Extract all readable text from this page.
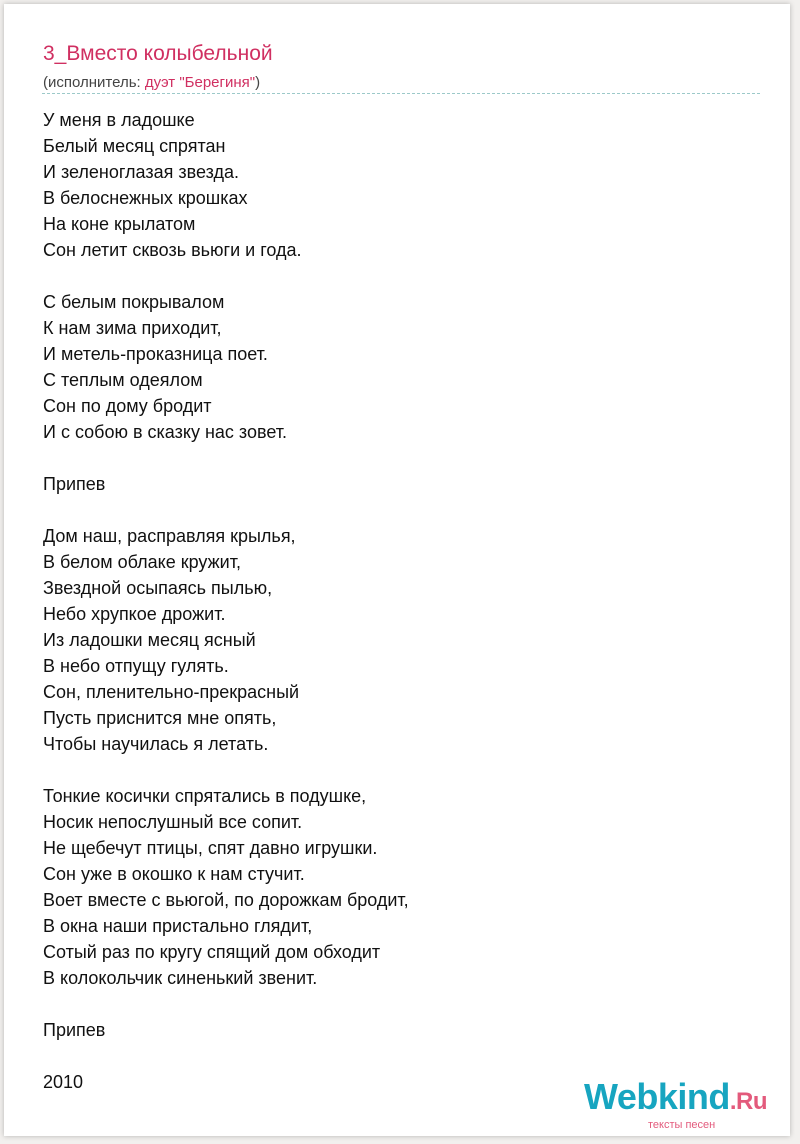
3_Вместо колыбельной
(исполнитель: дуэт "Берегиня")
У меня в ладошке
Белый месяц спрятан
И зеленоглазая звезда.
В белоснежных крошках
На коне крылатом
Сон летит сквозь вьюги и года.
С белым покрывалом
К нам зима приходит,
И метель-проказница поет.
С теплым одеялом
Сон по дому бродит
И с собою в сказку нас зовет.
Припев
Дом наш, расправляя крылья,
В белом облаке кружит,
Звездной осыпаясь пылью,
Небо хрупкое дрожит.
Из ладошки месяц ясный
В небо отпущу гулять.
Сон, пленительно-прекрасный
Пусть приснится мне опять,
Чтобы научилась я летать.
Тонкие косички спрятались в подушке,
Носик непослушный все сопит.
Не щебечут птицы, спят давно игрушки.
Сон уже в окошко к нам стучит.
Воет вместе с вьюгой, по дорожкам бродит,
В окна наши пристально глядит,
Сотый раз по кругу спящий дом обходит
В колокольчик синенький звенит.
Припев
2010	Webkind.Ru
тексты песен
